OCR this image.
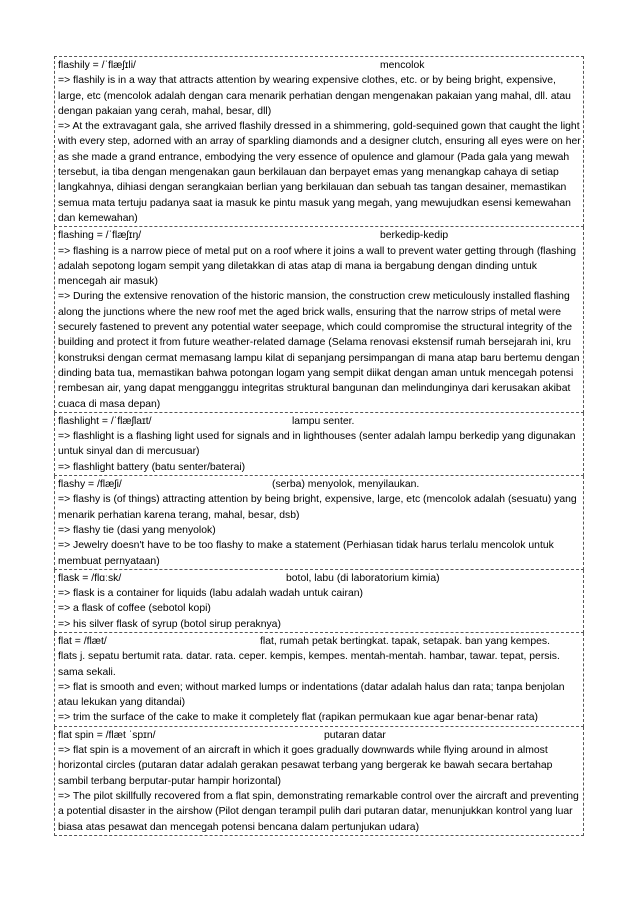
flashily = /ˈflæʃɪli/	mencolok

=> flashily is in a way that attracts attention by wearing expensive clothes, etc. or by being bright, expensive, large, etc (mencolok adalah dengan cara menarik perhatian dengan mengenakan pakaian yang mahal, dll. atau dengan pakaian yang cerah, mahal, besar, dll)

=> At the extravagant gala, she arrived flashily dressed in a shimmering, gold-sequined gown that caught the light with every step, adorned with an array of sparkling diamonds and a designer clutch, ensuring all eyes were on her as she made a grand entrance, embodying the very essence of opulence and glamour (Pada gala yang mewah tersebut, ia tiba dengan mengenakan gaun berkilauan dan berpayet emas yang menangkap cahaya di setiap langkahnya, dihiasi dengan serangkaian berlian yang berkilauan dan sebuah tas tangan desainer, memastikan semua mata tertuju padanya saat ia masuk ke pintu masuk yang megah, yang mewujudkan esensi kemewahan dan kemewahan)

flashing = /ˈflæʃɪŋ/	berkedip-kedip

=> flashing is a narrow piece of metal put on a roof where it joins a wall to prevent water getting through (flashing adalah sepotong logam sempit yang diletakkan di atas atap di mana ia bergabung dengan dinding untuk mencegah air masuk)

=> During the extensive renovation of the historic mansion, the construction crew meticulously installed flashing along the junctions where the new roof met the aged brick walls, ensuring that the narrow strips of metal were securely fastened to prevent any potential water seepage, which could compromise the structural integrity of the building and protect it from future weather-related damage (Selama renovasi ekstensif rumah bersejarah ini, kru konstruksi dengan cermat memasang lampu kilat di sepanjang persimpangan di mana atap baru bertemu dengan dinding bata tua, memastikan bahwa potongan logam yang sempit diikat dengan aman untuk mencegah potensi rembesan air, yang dapat mengganggu integritas struktural bangunan dan melindunginya dari kerusakan akibat cuaca di masa depan)

flashlight = /ˈflæʃlaɪt/	lampu senter.

=> flashlight is a flashing light used for signals and in lighthouses (senter adalah lampu berkedip yang digunakan untuk sinyal dan di mercusuar)

=> flashlight battery (batu senter/baterai)

flashy = /flæʃi/	(serba) menyolok, menyilaukan.

=> flashy is (of things) attracting attention by being bright, expensive, large, etc (mencolok adalah (sesuatu) yang menarik perhatian karena terang, mahal, besar, dsb)

=> flashy tie (dasi yang menyolok)

=> Jewelry doesn't have to be too flashy to make a statement (Perhiasan tidak harus terlalu mencolok untuk membuat pernyataan)

flask = /flɑːsk/	botol, labu (di laboratorium kimia)

=> flask is a container for liquids (labu adalah wadah untuk cairan)

=> a flask of coffee (sebotol kopi)

=> his silver flask of syrup (botol sirup peraknya)

flat = /flæt/	flat, rumah petak bertingkat. tapak, setapak. ban yang kempes.

flats j. sepatu bertumit rata. datar. rata. ceper. kempis, kempes. mentah-mentah. hambar, tawar. tepat, persis. sama sekali.

=> flat is smooth and even; without marked lumps or indentations (datar adalah halus dan rata; tanpa benjolan atau lekukan yang ditandai)

=> trim the surface of the cake to make it completely flat (rapikan permukaan kue agar benar-benar rata)

flat spin = /flæt ˈspɪn/	putaran datar

=> flat spin is a movement of an aircraft in which it goes gradually downwards while flying around in almost horizontal circles (putaran datar adalah gerakan pesawat terbang yang bergerak ke bawah secara bertahap sambil terbang berputar-putar hampir horizontal)

=> The pilot skillfully recovered from a flat spin, demonstrating remarkable control over the aircraft and preventing a potential disaster in the airshow (Pilot dengan terampil pulih dari putaran datar, menunjukkan kontrol yang luar biasa atas pesawat dan mencegah potensi bencana dalam pertunjukan udara)
